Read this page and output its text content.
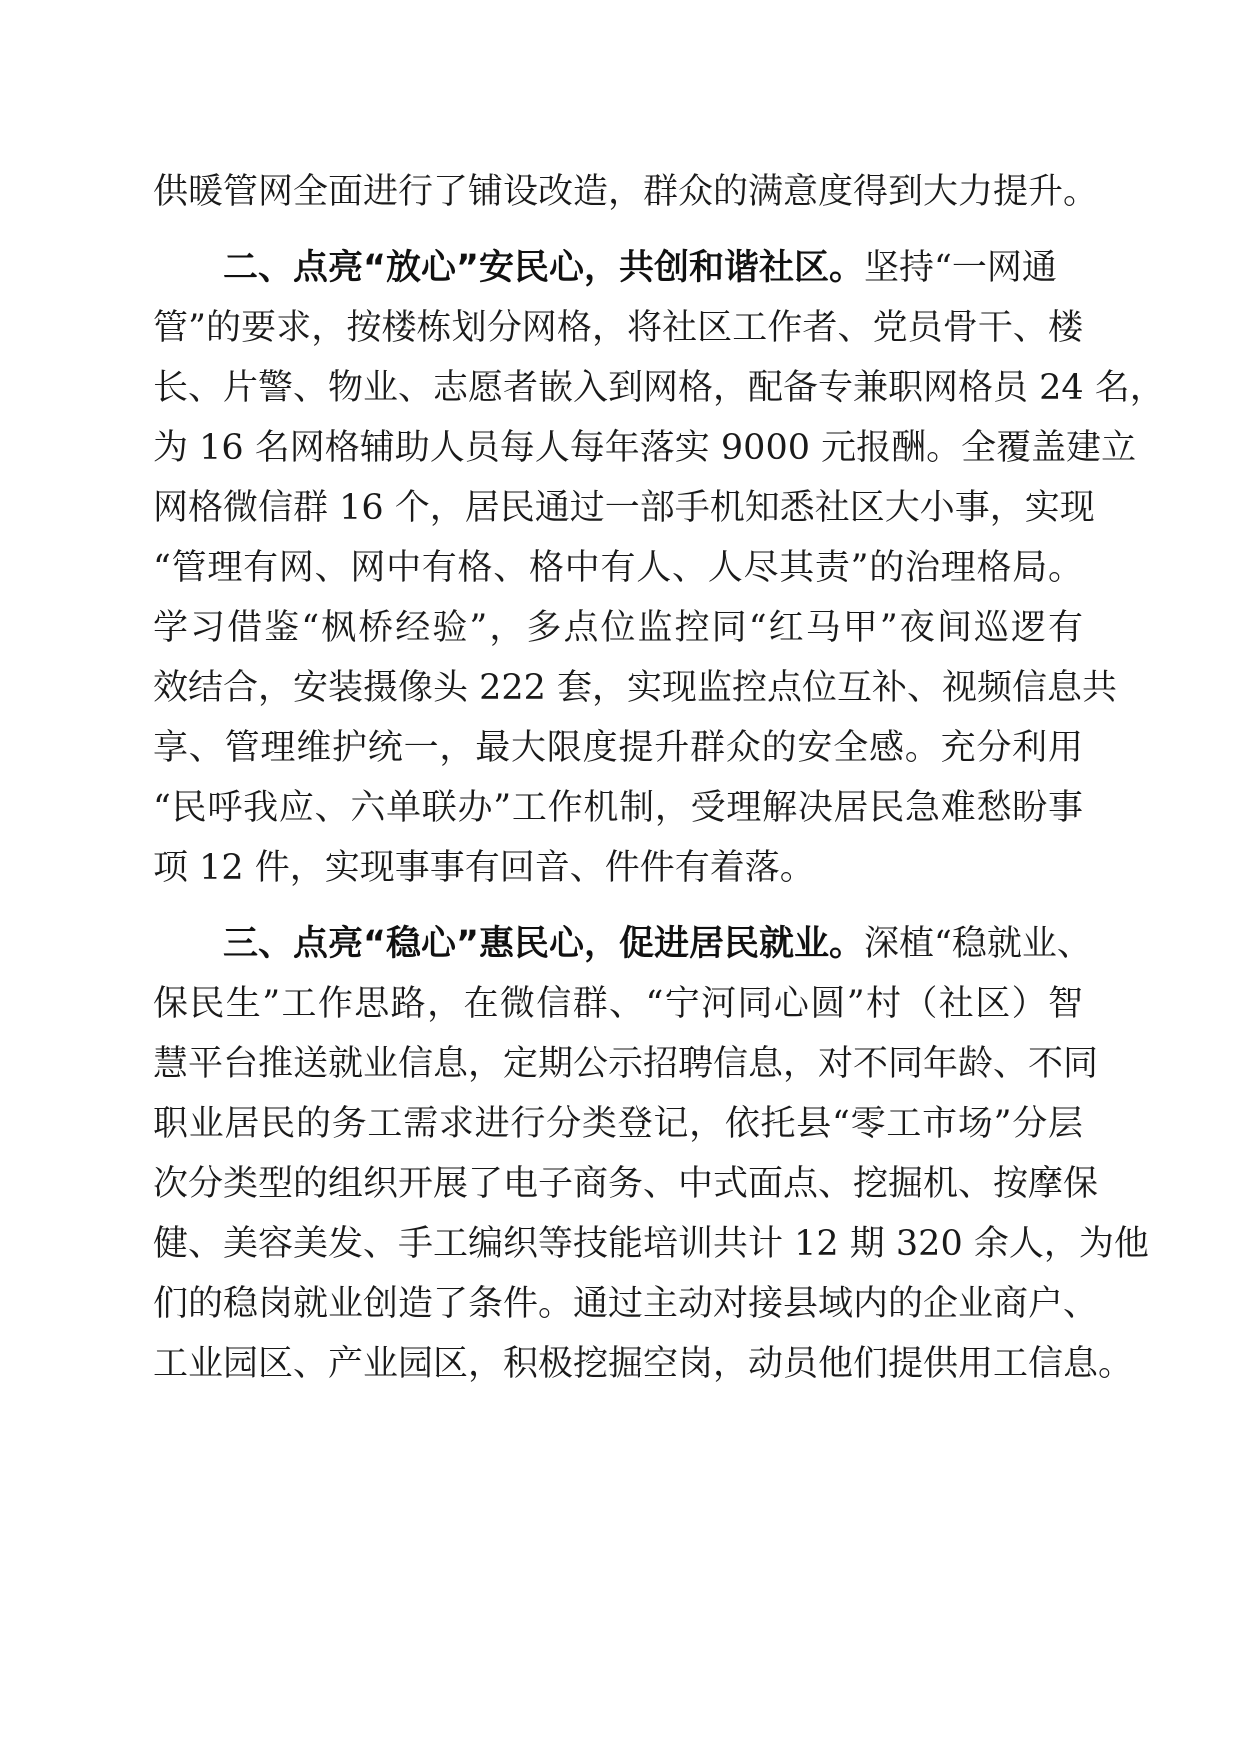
供暖管网全面进行了铺设改造，群众的满意度得到大力提升。
二、点亮“放心”安民心，共创和谐社区。坚持“一网通
管”的要求，按楼栋划分网格，将社区工作者、党员骨干、楼
长、片警、物业、志愿者嵌入到网格，配备专兼职网格员 24 名，
为 16 名网格辅助人员每人每年落实 9000 元报酬。全覆盖建立
网格微信群 16 个，居民通过一部手机知悉社区大小事，实现
“管理有网、网中有格、格中有人、人尽其责”的治理格局。
学习借鉴“枫桥经验”，多点位监控同“红马甲”夜间巡逻有
效结合，安装摄像头 222 套，实现监控点位互补、视频信息共
享、管理维护统一，最大限度提升群众的安全感。充分利用
“民呼我应、六单联办”工作机制，受理解决居民急难愁盼事
项 12 件，实现事事有回音、件件有着落。
三、点亮“稳心”惠民心，促进居民就业。深植“稳就业、
保民生”工作思路，在微信群、“宁河同心圆”村（社区）智
慧平台推送就业信息，定期公示招聘信息，对不同年龄、不同
职业居民的务工需求进行分类登记，依托县“零工市场”分层
次分类型的组织开展了电子商务、中式面点、挖掘机、按摩保
健、美容美发、手工编织等技能培训共计 12 期 320 余人，为他
们的稳岗就业创造了条件。通过主动对接县域内的企业商户、
工业园区、产业园区，积极挖掘空岗，动员他们提供用工信息。
